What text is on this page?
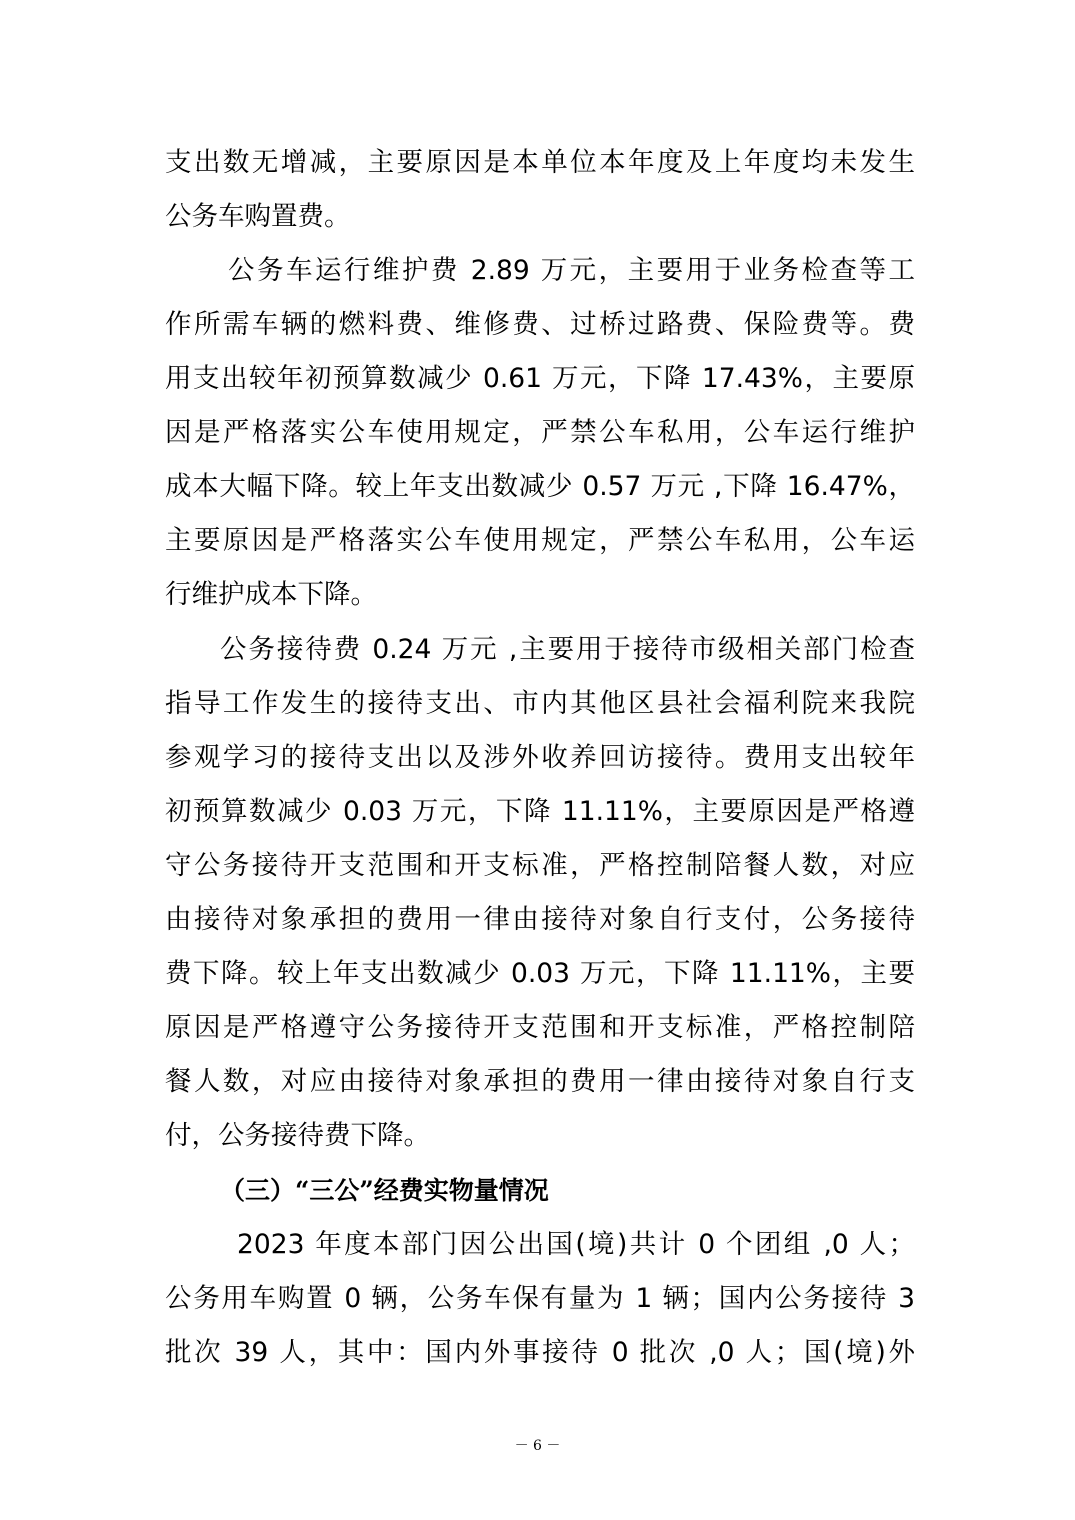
支出数无增减，主要原因是本单位本年度及上年度均未发生
公务车购置费。
公务车运行维护费 2.89 万元，主要用于业务检查等工
作所需车辆的燃料费、维修费、过桥过路费、保险费等。费
用支出较年初预算数减少 0.61 万元，下降 17.43%，主要原
因是严格落实公车使用规定，严禁公车私用，公车运行维护
成本大幅下降。较上年支出数减少 0.57 万元 ,下降 16.47%，
主要原因是严格落实公车使用规定，严禁公车私用，公车运
行维护成本下降。
公务接待费 0.24 万元 ,主要用于接待市级相关部门检查
指导工作发生的接待支出、市内其他区县社会福利院来我院
参观学习的接待支出以及涉外收养回访接待。费用支出较年
初预算数减少 0.03 万元，下降 11.11%，主要原因是严格遵
守公务接待开支范围和开支标准，严格控制陪餐人数，对应
由接待对象承担的费用一律由接待对象自行支付，公务接待
费下降。较上年支出数减少 0.03 万元，下降 11.11%，主要
原因是严格遵守公务接待开支范围和开支标准，严格控制陪
餐人数，对应由接待对象承担的费用一律由接待对象自行支
付，公务接待费下降。
（三）“三公”经费实物量情况
2023 年度本部门因公出国(境)共计 0 个团组 ,0 人；
公务用车购置 0 辆，公务车保有量为 1 辆；国内公务接待 3
批次 39 人，其中：国内外事接待 0 批次 ,0 人；国(境)外
－ 6 －
